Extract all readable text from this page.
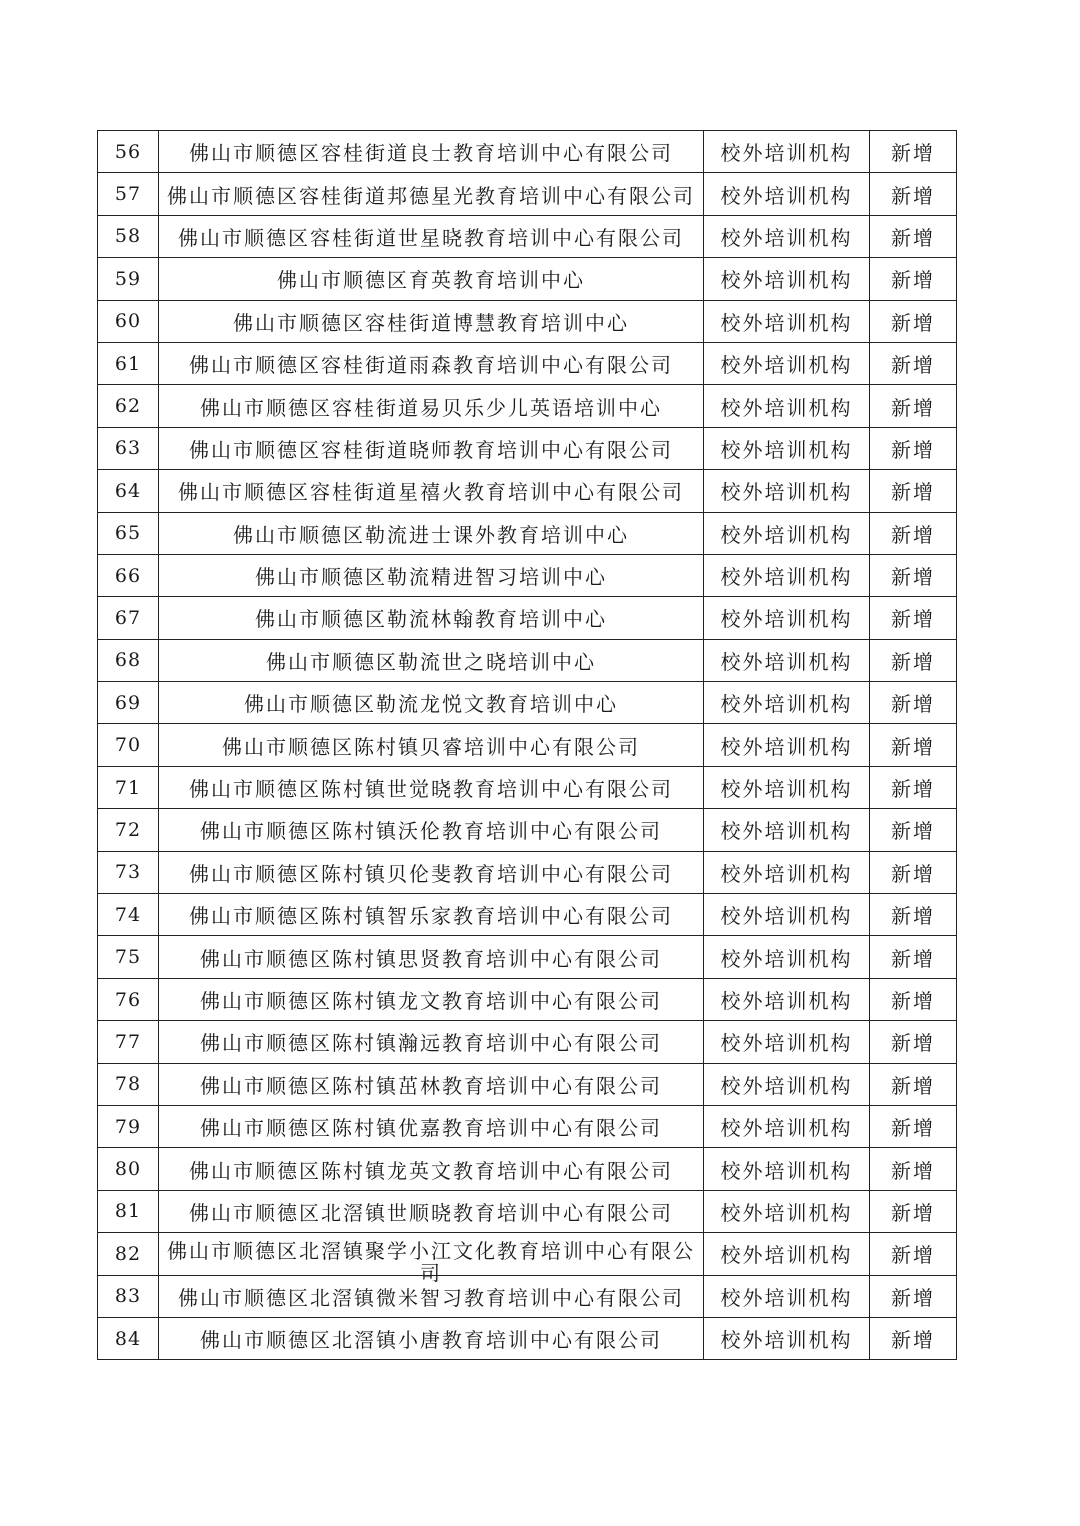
56	佛山市顺德区容桂街道良士教育培训中心有限公司	校外培训机构	新增
57	佛山市顺德区容桂街道邦德星光教育培训中心有限公司	校外培训机构	新增
58	佛山市顺德区容桂街道世星晓教育培训中心有限公司	校外培训机构	新增
59	佛山市顺德区育英教育培训中心	校外培训机构	新增
60	佛山市顺德区容桂街道博慧教育培训中心	校外培训机构	新增
61	佛山市顺德区容桂街道雨森教育培训中心有限公司	校外培训机构	新增
62	佛山市顺德区容桂街道易贝乐少儿英语培训中心	校外培训机构	新增
63	佛山市顺德区容桂街道晓师教育培训中心有限公司	校外培训机构	新增
64	佛山市顺德区容桂街道星禧火教育培训中心有限公司	校外培训机构	新增
65	佛山市顺德区勒流进士课外教育培训中心	校外培训机构	新增
66	佛山市顺德区勒流精进智习培训中心	校外培训机构	新增
67	佛山市顺德区勒流林翰教育培训中心	校外培训机构	新增
68	佛山市顺德区勒流世之晓培训中心	校外培训机构	新增
69	佛山市顺德区勒流龙悦文教育培训中心	校外培训机构	新增
70	佛山市顺德区陈村镇贝睿培训中心有限公司	校外培训机构	新增
71	佛山市顺德区陈村镇世觉晓教育培训中心有限公司	校外培训机构	新增
72	佛山市顺德区陈村镇沃伦教育培训中心有限公司	校外培训机构	新增
73	佛山市顺德区陈村镇贝伦斐教育培训中心有限公司	校外培训机构	新增
74	佛山市顺德区陈村镇智乐家教育培训中心有限公司	校外培训机构	新增
75	佛山市顺德区陈村镇思贤教育培训中心有限公司	校外培训机构	新增
76	佛山市顺德区陈村镇龙文教育培训中心有限公司	校外培训机构	新增
77	佛山市顺德区陈村镇瀚远教育培训中心有限公司	校外培训机构	新增
78	佛山市顺德区陈村镇茁林教育培训中心有限公司	校外培训机构	新增
79	佛山市顺德区陈村镇优嘉教育培训中心有限公司	校外培训机构	新增
80	佛山市顺德区陈村镇龙英文教育培训中心有限公司	校外培训机构	新增
81	佛山市顺德区北滘镇世顺晓教育培训中心有限公司	校外培训机构	新增
82	佛山市顺德区北滘镇聚学小江文化教育培训中心有限公司	校外培训机构	新增
83	佛山市顺德区北滘镇微米智习教育培训中心有限公司	校外培训机构	新增
84	佛山市顺德区北滘镇小唐教育培训中心有限公司	校外培训机构	新增
